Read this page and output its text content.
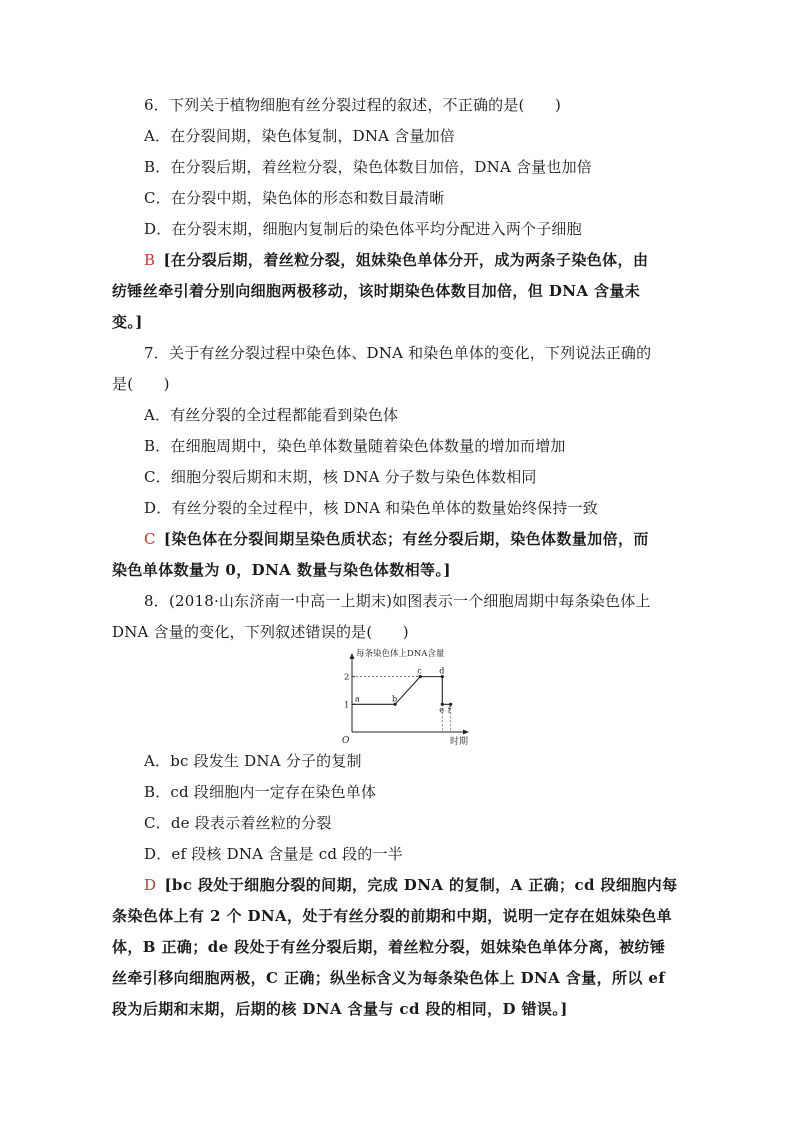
6．下列关于植物细胞有丝分裂过程的叙述，不正确的是(　　)
A．在分裂间期，染色体复制，DNA 含量加倍
B．在分裂后期，着丝粒分裂，染色体数目加倍，DNA 含量也加倍
C．在分裂中期，染色体的形态和数目最清晰
D．在分裂末期，细胞内复制后的染色体平均分配进入两个子细胞
B [在分裂后期，着丝粒分裂，姐妹染色单体分开，成为两条子染色体，由
纺锤丝牵引着分别向细胞两极移动，该时期染色体数目加倍，但 DNA 含量未
变。]
7．关于有丝分裂过程中染色体、DNA 和染色单体的变化，下列说法正确的
是(　　)
A．有丝分裂的全过程都能看到染色体
B．在细胞周期中，染色单体数量随着染色体数量的增加而增加
C．细胞分裂后期和末期，核 DNA 分子数与染色体数相同
D．有丝分裂的全过程中，核 DNA 和染色单体的数量始终保持一致
C [染色体在分裂间期呈染色质状态；有丝分裂后期，染色体数量加倍，而
染色单体数量为 0，DNA 数量与染色体数相等。]
8．(2018·山东济南一中高一上期末)如图表示一个细胞周期中每条染色体上
DNA 含量的变化，下列叙述错误的是(　　)
每条染色体上DNA含量
时期
O
1
2
a	b
c d
e f
A．bc 段发生 DNA 分子的复制
B．cd 段细胞内一定存在染色单体
C．de 段表示着丝粒的分裂
D．ef 段核 DNA 含量是 cd 段的一半
D [bc 段处于细胞分裂的间期，完成 DNA 的复制，A 正确；cd 段细胞内每
条染色体上有 2 个 DNA，处于有丝分裂的前期和中期，说明一定存在姐妹染色单
体，B 正确；de 段处于有丝分裂后期，着丝粒分裂，姐妹染色单体分离，被纺锤
丝牵引移向细胞两极，C 正确；纵坐标含义为每条染色体上 DNA 含量，所以 ef
段为后期和末期，后期的核 DNA 含量与 cd 段的相同，D 错误。]
